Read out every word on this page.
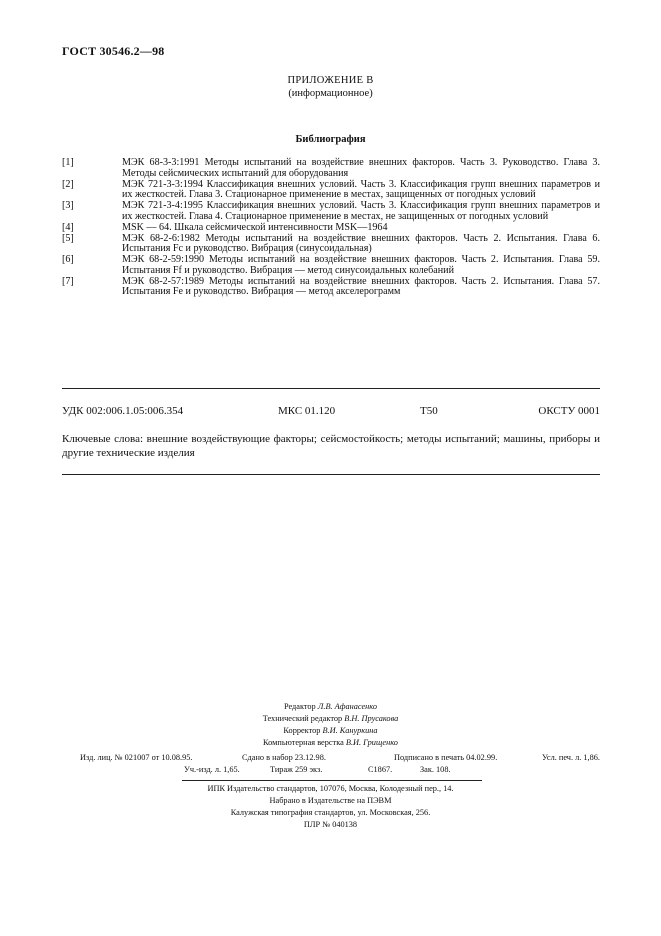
ГОСТ 30546.2—98
ПРИЛОЖЕНИЕ В
(информационное)
Библиография
[1]	МЭК 68-3-3:1991 Методы испытаний на воздействие внешних факторов. Часть 3. Руководство. Глава 3. Методы сейсмических испытаний для оборудования
[2]	МЭК 721-3-3:1994 Классификация внешних условий. Часть 3. Классификация групп внешних параметров и их жесткостей. Глава 3. Стационарное применение в местах, защищенных от погодных условий
[3]	МЭК 721-3-4:1995 Классификация внешних условий. Часть 3. Классификация групп внешних параметров и их жесткостей. Глава 4. Стационарное применение в местах, не защищенных от погодных условий
[4]	MSK — 64. Шкала сейсмической интенсивности MSK—1964
[5]	МЭК 68-2-6:1982 Методы испытаний на воздействие внешних факторов. Часть 2. Испытания. Глава 6. Испытания Fc и руководство. Вибрация (синусоидальная)
[6]	МЭК 68-2-59:1990 Методы испытаний на воздействие внешних факторов. Часть 2. Испытания. Глава 59. Испытания Ff и руководство. Вибрация — метод синусоидальных колебаний
[7]	МЭК 68-2-57:1989 Методы испытаний на воздействие внешних факторов. Часть 2. Испытания. Глава 57. Испытания Fe и руководство. Вибрация — метод акселерограмм
УДК 002:006.1.05:006.354	МКС 01.120	Т50	ОКСТУ 0001
Ключевые слова: внешние воздействующие факторы; сейсмостойкость; методы испытаний; машины, приборы и другие технические изделия
Редактор Л.В. Афанасенко
Технический редактор В.Н. Прусакова
Корректор В.И. Кануркина
Компьютерная верстка В.И. Грищенко
Изд. лиц. № 021007 от 10.08.95.	Сдано в набор 23.12.98.	Подписано в печать 04.02.99.	Усл. печ. л. 1,86.
Уч.-изд. л. 1,65.	Тираж 259 экз.	С1867.	Зак. 108.
ИПК Издательство стандартов, 107076, Москва, Колодезный пер., 14.
Набрано в Издательстве на ПЭВМ
Калужская типография стандартов, ул. Московская, 256.
ПЛР № 040138
